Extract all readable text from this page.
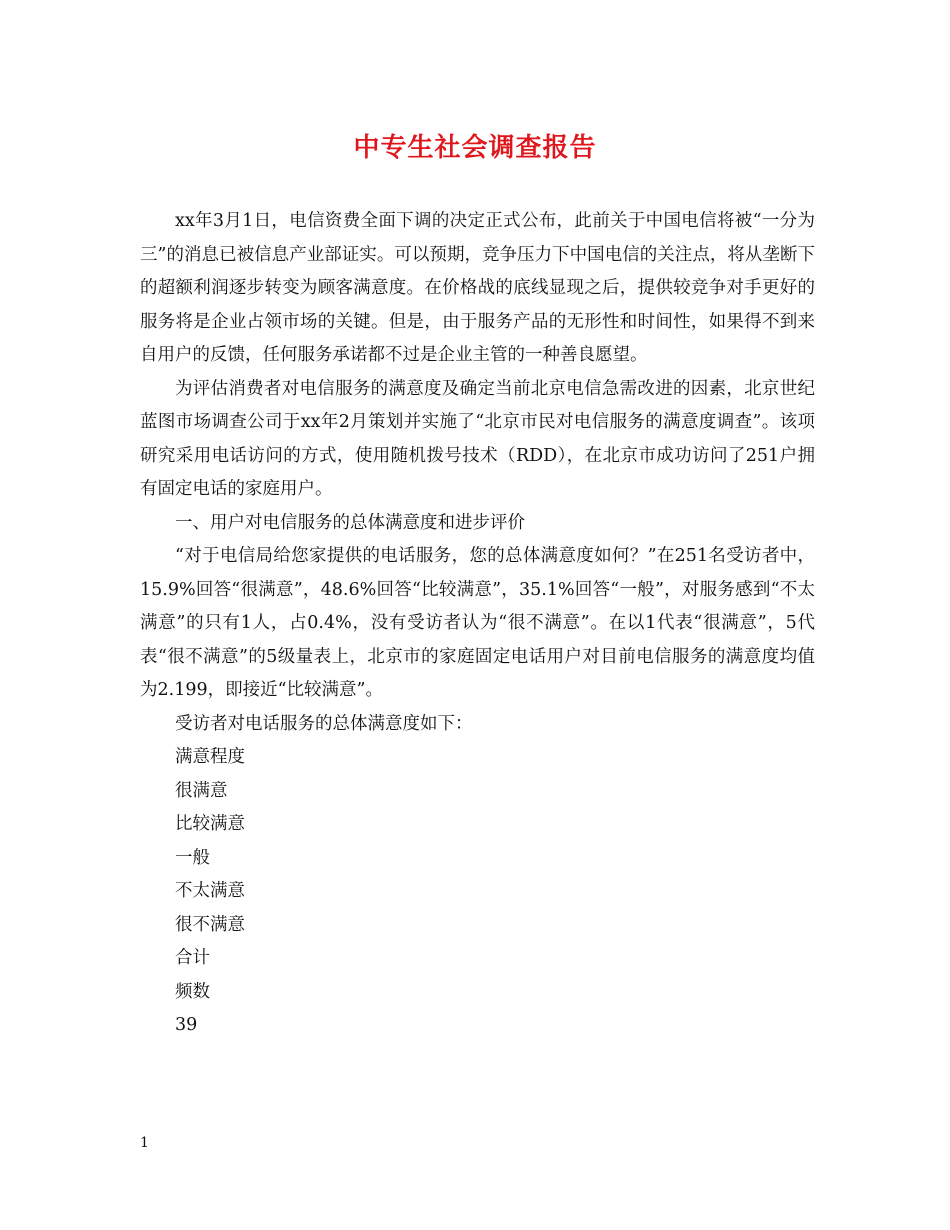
中专生社会调查报告

xx年3月1日，电信资费全面下调的决定正式公布，此前关于中国电信将被“一分为三”的消息已被信息产业部证实。可以预期，竞争压力下中国电信的关注点，将从垄断下的超额利润逐步转变为顾客满意度。在价格战的底线显现之后，提供较竞争对手更好的服务将是企业占领市场的关键。但是，由于服务产品的无形性和时间性，如果得不到来自用户的反馈，任何服务承诺都不过是企业主管的一种善良愿望。

为评估消费者对电信服务的满意度及确定当前北京电信急需改进的因素，北京世纪蓝图市场调查公司于xx年2月策划并实施了“北京市民对电信服务的满意度调查”。该项研究采用电话访问的方式，使用随机拨号技术（RDD），在北京市成功访问了251户拥有固定电话的家庭用户。

一、用户对电信服务的总体满意度和进步评价

“对于电信局给您家提供的电话服务，您的总体满意度如何？”在251名受访者中，15.9%回答“很满意”，48.6%回答“比较满意”，35.1%回答“一般”，对服务感到“不太满意”的只有1人，占0.4%，没有受访者认为“很不满意”。在以1代表“很满意”，5代表“很不满意”的5级量表上，北京市的家庭固定电话用户对目前电信服务的满意度均值为2.199，即接近“比较满意”。

受访者对电话服务的总体满意度如下：

满意程度
很满意
比较满意
一般
不太满意
很不满意
合计
频数
39
1
